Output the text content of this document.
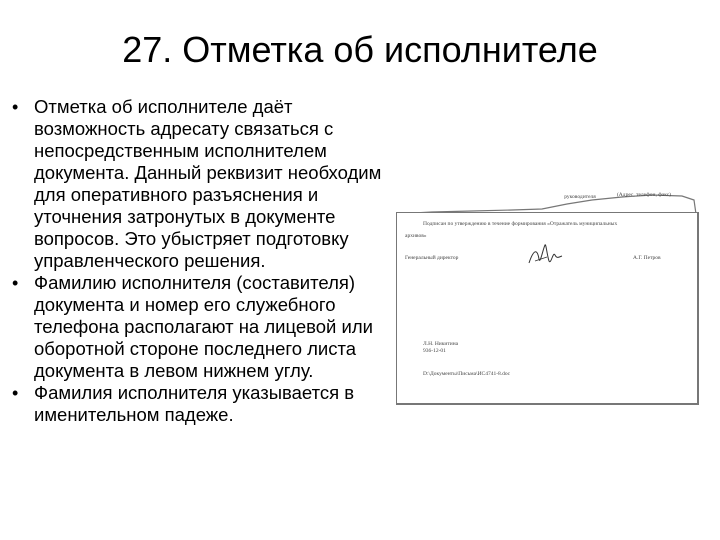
27. Отметка об исполнителе
• Отметка об исполнителе даёт возможность адресату связаться с непосредственным исполнителем документа. Данный реквизит необходим для оперативного разъяснения и уточнения затронутых в документе вопросов. Это убыстряет подготовку управленческого решения.
• Фамилию исполнителя (составителя) документа и номер его служебного телефона располагают на лицевой или оборотной стороне последнего листа документа в левом нижнем углу.
• Фамилия исполнителя указывается в именительном падеже.
руководителя	(Адрес, телефон, факс)
Подписан по утверждению в течение формирования «Отражатель муниципальных
архивов»
Генеральный директор	А.Г. Петров
Л.Н. Никитина
936-12-01
D:\Документы\Письма\ИС4741-8.doc
